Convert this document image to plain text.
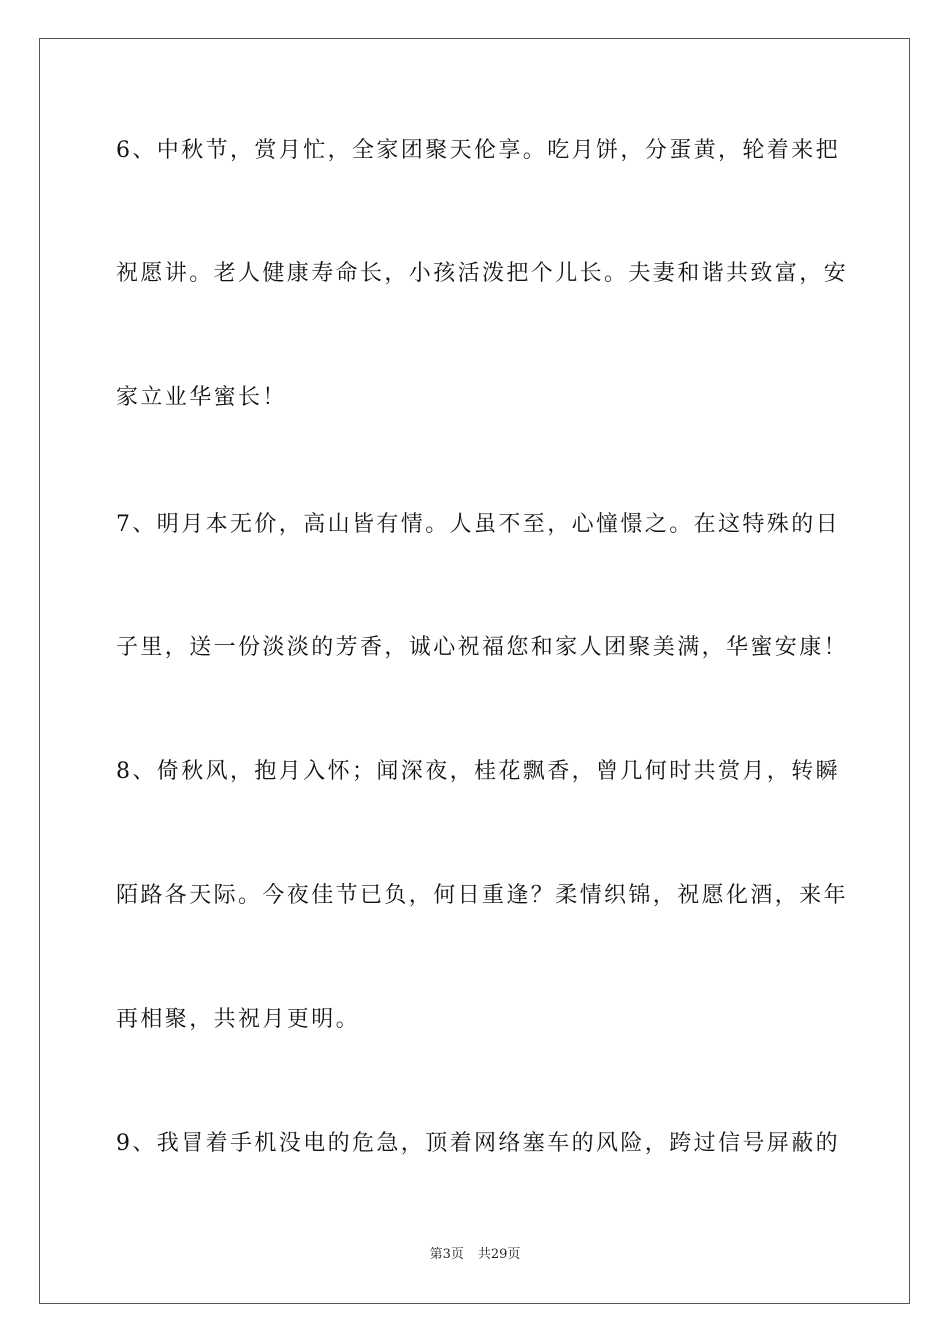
6、中秋节，赏月忙，全家团聚天伦享。吃月饼，分蛋黄，轮着来把

祝愿讲。老人健康寿命长，小孩活泼把个儿长。夫妻和谐共致富，安

家立业华蜜长！

7、明月本无价，高山皆有情。人虽不至，心憧憬之。在这特殊的日

子里，送一份淡淡的芳香，诚心祝福您和家人团聚美满，华蜜安康！

8、倚秋风，抱月入怀；闻深夜，桂花飘香，曾几何时共赏月，转瞬

陌路各天际。今夜佳节已负，何日重逢？柔情织锦，祝愿化酒，来年

再相聚，共祝月更明。

9、我冒着手机没电的危急，顶着网络塞车的风险，跨过信号屏蔽的

第3页 共29页
